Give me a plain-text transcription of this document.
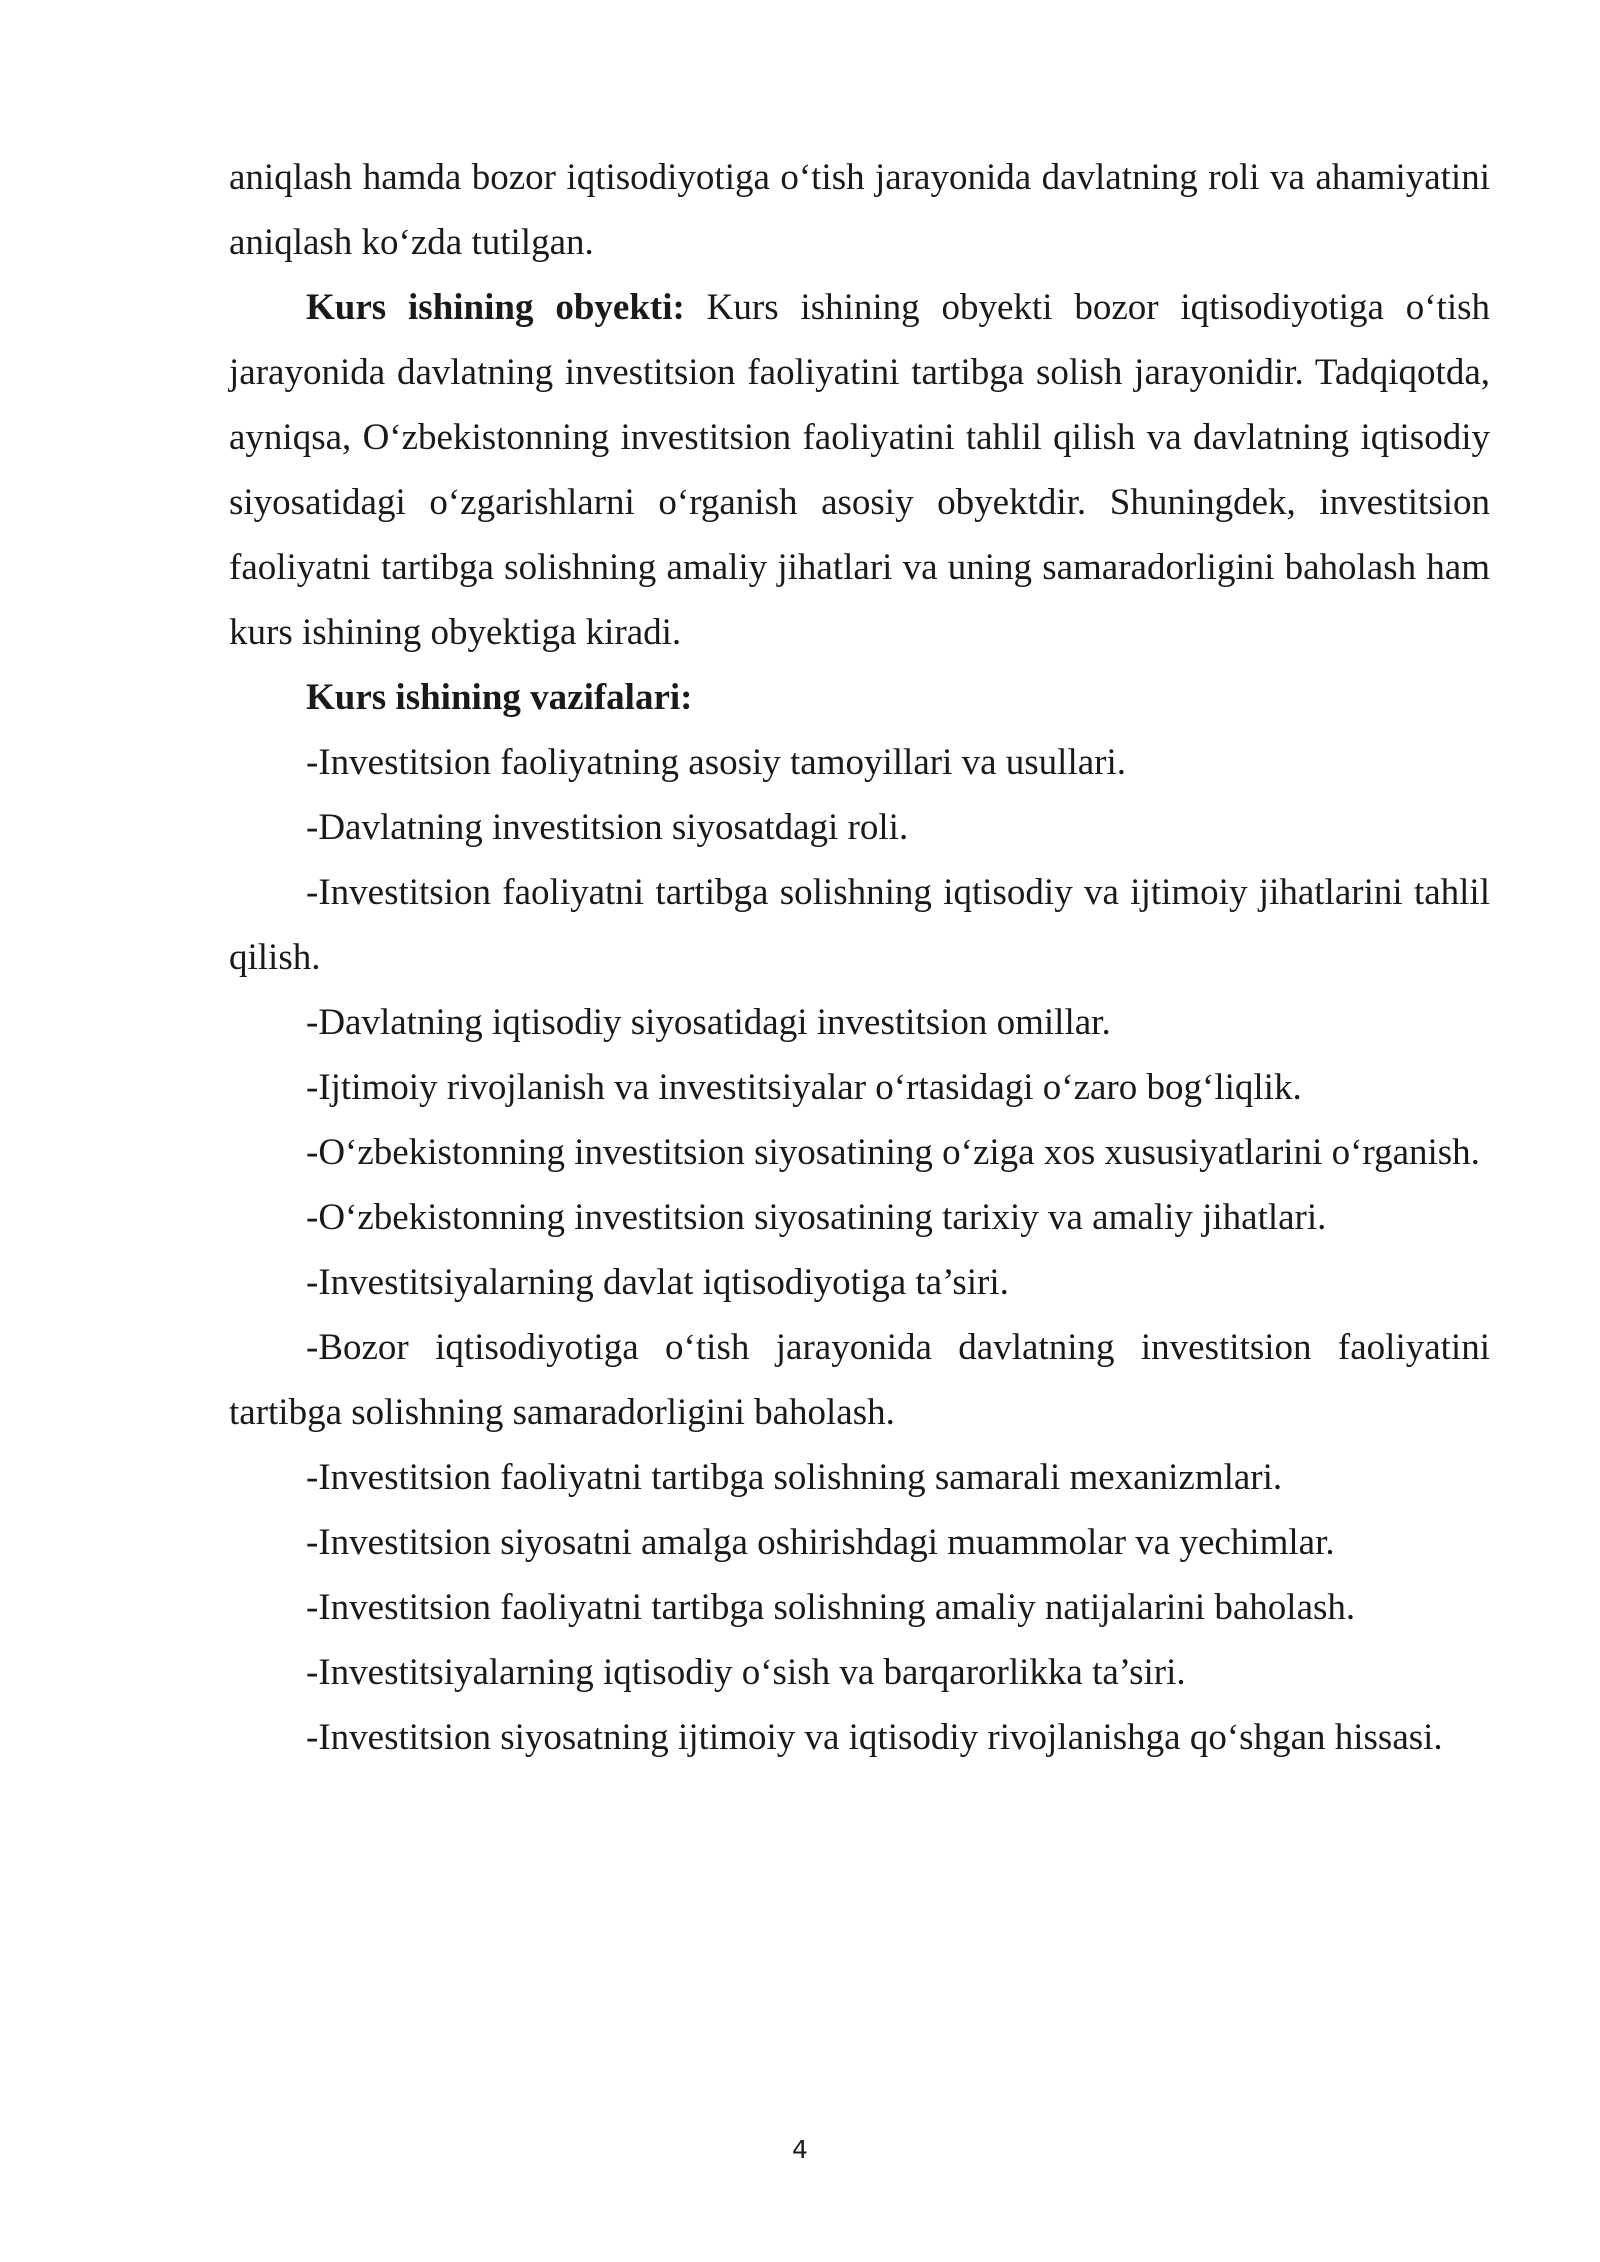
aniqlash hamda bozor iqtisodiyotiga o‘tish jarayonida davlatning roli va ahamiyatini aniqlash ko‘zda tutilgan.

Kurs ishining obyekti: Kurs ishining obyekti bozor iqtisodiyotiga o‘tish jarayonida davlatning investitsion faoliyatini tartibga solish jarayonidir. Tadqiqotda, ayniqsa, O‘zbekistonning investitsion faoliyatini tahlil qilish va davlatning iqtisodiy siyosatidagi o‘zgarishlarni o‘rganish asosiy obyektdir. Shuningdek, investitsion faoliyatni tartibga solishning amaliy jihatlari va uning samaradorligini baholash ham kurs ishining obyektiga kiradi.

Kurs ishining vazifalari:

-Investitsion faoliyatning asosiy tamoyillari va usullari.

-Davlatning investitsion siyosatdagi roli.

-Investitsion faoliyatni tartibga solishning iqtisodiy va ijtimoiy jihatlarini tahlil qilish.

-Davlatning iqtisodiy siyosatidagi investitsion omillar.

-Ijtimoiy rivojlanish va investitsiyalar o‘rtasidagi o‘zaro bog‘liqlik.

-O‘zbekistonning investitsion siyosatining o‘ziga xos xususiyatlarini o‘rganish.

-O‘zbekistonning investitsion siyosatining tarixiy va amaliy jihatlari.

-Investitsiyalarning davlat iqtisodiyotiga ta’siri.

-Bozor iqtisodiyotiga o‘tish jarayonida davlatning investitsion faoliyatini tartibga solishning samaradorligini baholash.

-Investitsion faoliyatni tartibga solishning samarali mexanizmlari.

-Investitsion siyosatni amalga oshirishdagi muammolar va yechimlar.

-Investitsion faoliyatni tartibga solishning amaliy natijalarini baholash.

-Investitsiyalarning iqtisodiy o‘sish va barqarorlikka ta’siri.

-Investitsion siyosatning ijtimoiy va iqtisodiy rivojlanishga qo‘shgan hissasi.

4
